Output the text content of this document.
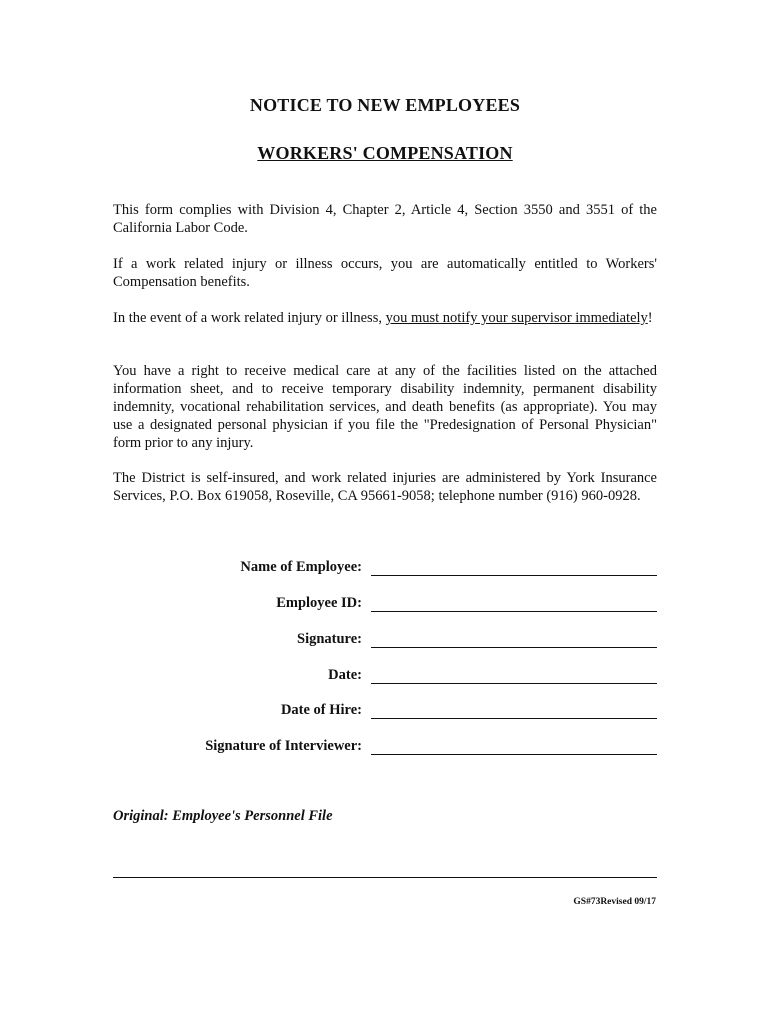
NOTICE TO NEW EMPLOYEES
WORKERS' COMPENSATION
This form complies with Division 4, Chapter 2, Article 4, Section 3550 and 3551 of the California Labor Code.
If a work related injury or illness occurs, you are automatically entitled to Workers' Compensation benefits.
In the event of a work related injury or illness, you must notify your supervisor immediately!
You have a right to receive medical care at any of the facilities listed on the attached information sheet, and to receive temporary disability indemnity, permanent disability indemnity, vocational rehabilitation services, and death benefits (as appropriate). You may use a designated personal physician if you file the "Predesignation of Personal Physician" form prior to any injury.
The District is self-insured, and work related injuries are administered by York Insurance Services, P.O. Box 619058, Roseville, CA 95661-9058; telephone number (916) 960-0928.
Name of Employee:
Employee ID:
Signature:
Date:
Date of Hire:
Signature of Interviewer:
Original: Employee's Personnel File
GS#73Revised 09/17
